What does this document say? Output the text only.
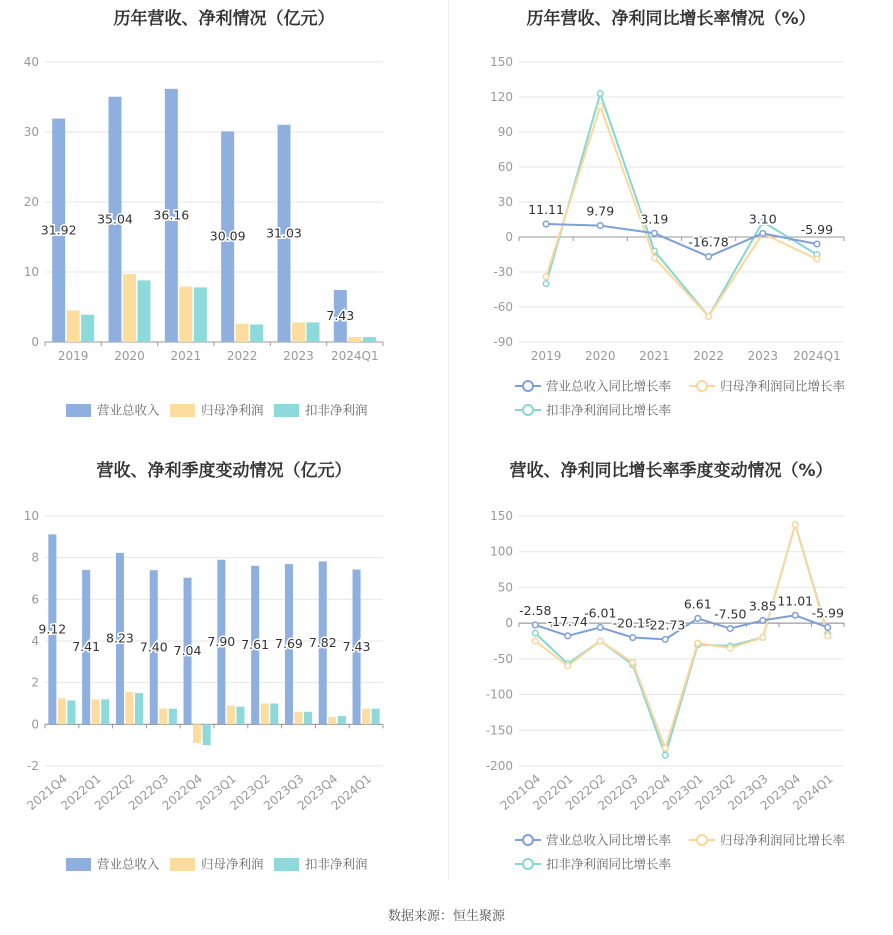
历年营收、净利情况（亿元）
0
10
20
30
40
2019 2020 2021 2022 2023 2024Q1
31.92
35.04 36.16
30.09 31.03
7.43
营业总收入	归母净利润	扣非净利润
历年营收、净利同比增长率情况（%）
-90
-60
-30
0
30
60
90
120
150
2019 2020 2021 2022 2023 2024Q1
11.11 9.79
3.19
-16.78
3.10
-5.99
营业总收入同比增长率	归母净利润同比增长率
扣非净利润同比增长率
营收、净利季度变动情况（亿元）
-2
0
2
4
6
8
10
2021Q4
2022Q1
2022Q2
2022Q3
2022Q4
2023Q1
2023Q2
2023Q3
2023Q4
2024Q1
9.12
7.41
8.23
7.40 7.04
7.90 7.61 7.69 7.82 7.43
营业总收入	归母净利润	扣非净利润
营收、净利同比增长率季度变动情况（%）
-200
-150
-100
-50
0
50
100
150
2021Q4
2022Q1
2022Q2
2022Q3
2022Q4
2023Q1
2023Q2
2023Q3
2023Q4
2024Q1
-2.58
-17.74
-6.01
-20.18
-22.73
6.61
-7.50
3.85 11.01
-5.99
营业总收入同比增长率	归母净利润同比增长率
扣非净利润同比增长率
数据来源：恒生聚源
